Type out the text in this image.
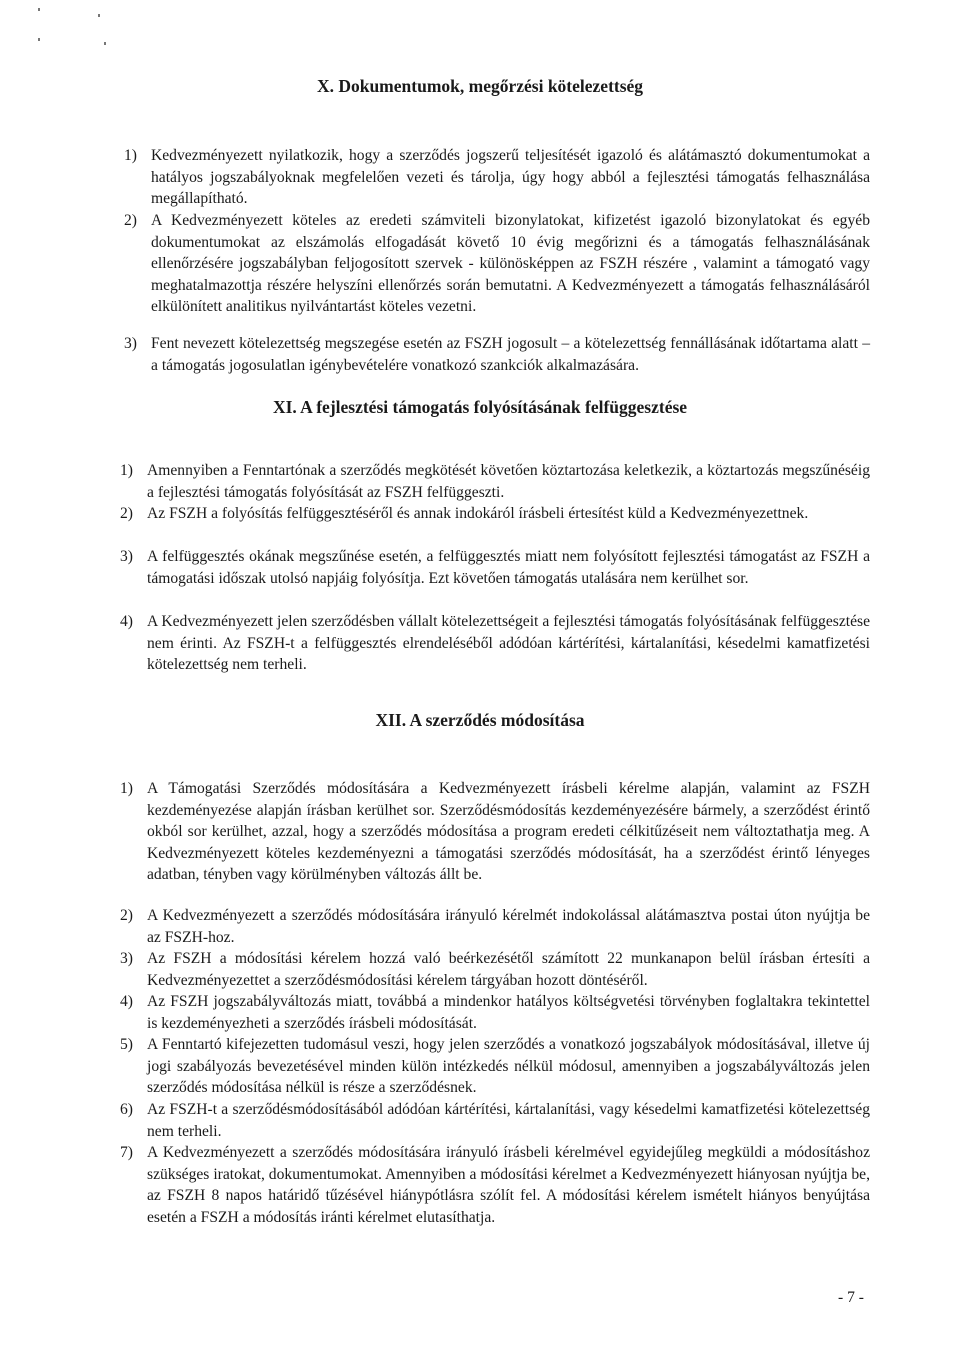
X. Dokumentumok, megőrzési kötelezettség

1) Kedvezményezett nyilatkozik, hogy a szerződés jogszerű teljesítését igazoló és alátámasztó dokumentumokat a hatályos jogszabályoknak megfelelően vezeti és tárolja, úgy hogy abból a fejlesztési támogatás felhasználása megállapítható.

2) A Kedvezményezett köteles az eredeti számviteli bizonylatokat, kifizetést igazoló bizonylatokat és egyéb dokumentumokat az elszámolás elfogadását követő 10 évig megőrizni és a támogatás felhasználásának ellenőrzésére jogszabályban feljogosított szervek - különösképpen az FSZH részére , valamint a támogató vagy meghatalmazottja részére helyszíni ellenőrzés során bemutatni. A Kedvezményezett a támogatás felhasználásáról elkülönített analitikus nyilvántartást köteles vezetni.

3) Fent nevezett kötelezettség megszegése esetén az FSZH jogosult – a kötelezettség fennállásának időtartama alatt – a támogatás jogosulatlan igénybevételére vonatkozó szankciók alkalmazására.

XI. A fejlesztési támogatás folyósításának felfüggesztése

1) Amennyiben a Fenntartónak a szerződés megkötését követően köztartozása keletkezik, a köztartozás megszűnéséig a fejlesztési támogatás folyósítását az FSZH felfüggeszti.

2) Az FSZH a folyósítás felfüggesztéséről és annak indokáról írásbeli értesítést küld a Kedvezményezettnek.

3) A felfüggesztés okának megszűnése esetén, a felfüggesztés miatt nem folyósított fejlesztési támogatást az FSZH a támogatási időszak utolsó napjáig folyósítja. Ezt követően támogatás utalására nem kerülhet sor.

4) A Kedvezményezett jelen szerződésben vállalt kötelezettségeit a fejlesztési támogatás folyósításának felfüggesztése nem érinti. Az FSZH-t a felfüggesztés elrendeléséből adódóan kártérítési, kártalanítási, késedelmi kamatfizetési kötelezettség nem terheli.

XII. A szerződés módosítása

1) A Támogatási Szerződés módosítására a Kedvezményezett írásbeli kérelme alapján, valamint az FSZH kezdeményezése alapján írásban kerülhet sor. Szerződésmódosítás kezdeményezésére bármely, a szerződést érintő okból sor kerülhet, azzal, hogy a szerződés módosítása a program eredeti célkitűzéseit nem változtathatja meg. A Kedvezményezett köteles kezdeményezni a támogatási szerződés módosítását, ha a szerződést érintő lényeges adatban, tényben vagy körülményben változás állt be.

2) A Kedvezményezett a szerződés módosítására irányuló kérelmét indokolással alátámasztva postai úton nyújtja be az FSZH-hoz.

3) Az FSZH a módosítási kérelem hozzá való beérkezésétől számított 22 munkanapon belül írásban értesíti a Kedvezményezettet a szerződésmódosítási kérelem tárgyában hozott döntéséről.

4) Az FSZH jogszabályváltozás miatt, továbbá a mindenkor hatályos költségvetési törvényben foglaltakra tekintettel is kezdeményezheti a szerződés írásbeli módosítását.

5) A Fenntartó kifejezetten tudomásul veszi, hogy jelen szerződés a vonatkozó jogszabályok módosításával, illetve új jogi szabályozás bevezetésével minden külön intézkedés nélkül módosul, amennyiben a jogszabályváltozás jelen szerződés módosítása nélkül is része a szerződésnek.

6) Az FSZH-t a szerződésmódosításából adódóan kártérítési, kártalanítási, vagy késedelmi kamatfizetési kötelezettség nem terheli.

7) A Kedvezményezett a szerződés módosítására irányuló írásbeli kérelmével egyidejűleg megküldi a módosításhoz szükséges iratokat, dokumentumokat. Amennyiben a módosítási kérelmet a Kedvezményezett hiányosan nyújtja be, az FSZH 8 napos határidő tűzésével hiánypótlásra szólít fel. A módosítási kérelem ismételt hiányos benyújtása esetén a FSZH a módosítás iránti kérelmet elutasíthatja.

- 7 -
